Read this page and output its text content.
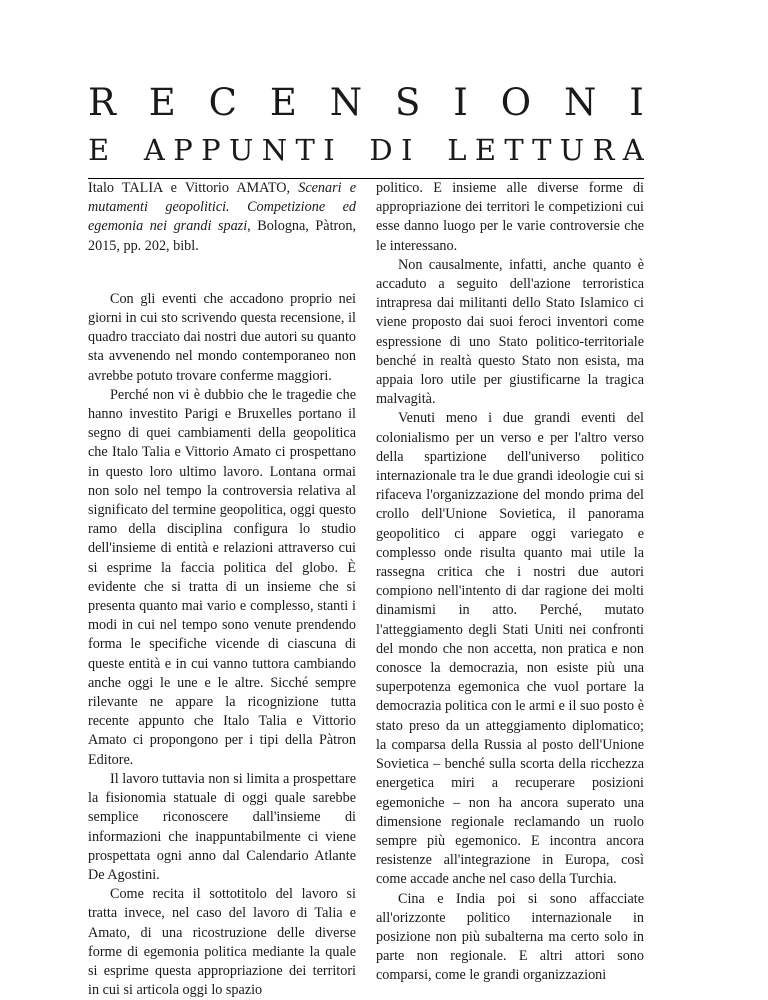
R E C E N S I O N I
E A P P U N T I D I L E T T U R A

Italo TALIA e Vittorio AMATO, Scenari e mutamenti geopolitici. Competizione ed egemonia nei grandi spazi, Bologna, Pàtron, 2015, pp. 202, bibl.

Con gli eventi che accadono proprio nei giorni in cui sto scrivendo questa recensione, il quadro tracciato dai nostri due autori su quanto sta avvenendo nel mondo contemporaneo non avrebbe potuto trovare conferme maggiori.

Perché non vi è dubbio che le tragedie che hanno investito Parigi e Bruxelles portano il segno di quei cambiamenti della geopolitica che Italo Talia e Vittorio Amato ci prospettano in questo loro ultimo lavoro. Lontana ormai non solo nel tempo la controversia relativa al significato del termine geopolitica, oggi questo ramo della disciplina configura lo studio dell'insieme di entità e relazioni attraverso cui si esprime la faccia politica del globo. È evidente che si tratta di un insieme che si presenta quanto mai vario e complesso, stanti i modi in cui nel tempo sono venute prendendo forma le specifiche vicende di ciascuna di queste entità e in cui vanno tuttora cambiando anche oggi le une e le altre. Sicché sempre rilevante ne appare la ricognizione tutta recente appunto che Italo Talia e Vittorio Amato ci propongono per i tipi della Pàtron Editore.

Il lavoro tuttavia non si limita a prospettare la fisionomia statuale di oggi quale sarebbe semplice riconoscere dall'insieme di informazioni che inappuntabilmente ci viene prospettata ogni anno dal Calendario Atlante De Agostini.

Come recita il sottotitolo del lavoro si tratta invece, nel caso del lavoro di Talia e Amato, di una ricostruzione delle diverse forme di egemonia politica mediante la quale si esprime questa appropriazione dei territori in cui si articola oggi lo spazio

politico. E insieme alle diverse forme di appropriazione dei territori le competizioni cui esse danno luogo per le varie controversie che le interessano.

Non causalmente, infatti, anche quanto è accaduto a seguito dell'azione terroristica intrapresa dai militanti dello Stato Islamico ci viene proposto dai suoi feroci inventori come espressione di uno Stato politico-territoriale benché in realtà questo Stato non esista, ma appaia loro utile per giustificarne la tragica malvagità.

Venuti meno i due grandi eventi del colonialismo per un verso e per l'altro verso della spartizione dell'universo politico internazionale tra le due grandi ideologie cui si rifaceva l'organizzazione del mondo prima del crollo dell'Unione Sovietica, il panorama geopolitico ci appare oggi variegato e complesso onde risulta quanto mai utile la rassegna critica che i nostri due autori compiono nell'intento di dar ragione dei molti dinamismi in atto. Perché, mutato l'atteggiamento degli Stati Uniti nei confronti del mondo che non accetta, non pratica e non conosce la democrazia, non esiste più una superpotenza egemonica che vuol portare la democrazia politica con le armi e il suo posto è stato preso da un atteggiamento diplomatico; la comparsa della Russia al posto dell'Unione Sovietica – benché sulla scorta della ricchezza energetica miri a recuperare posizioni egemoniche – non ha ancora superato una dimensione regionale reclamando un ruolo sempre più egemonico. E incontra ancora resistenze all'integrazione in Europa, così come accade anche nel caso della Turchia.

Cina e India poi si sono affacciate all'orizzonte politico internazionale in posizione non più subalterna ma certo solo in parte non regionale. E altri attori sono comparsi, come le grandi organizzazioni
